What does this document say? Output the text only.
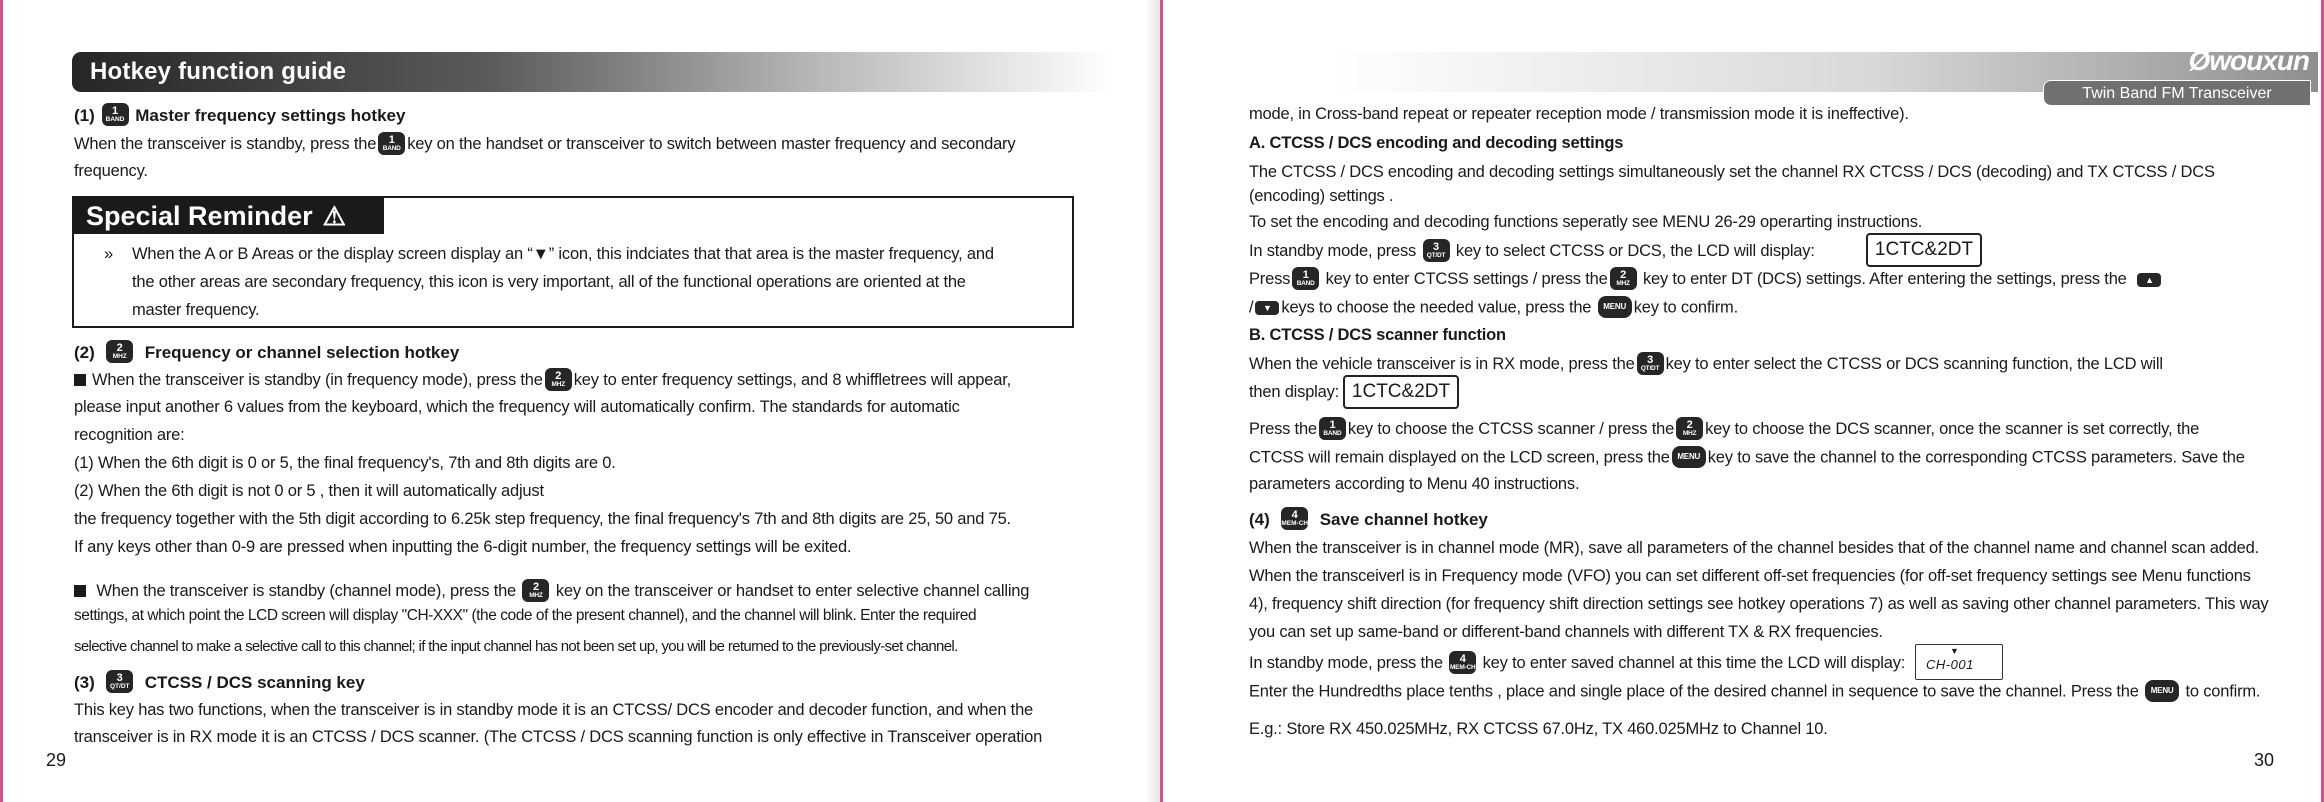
Hotkey function guide
(1)
1
BAND
Master frequency settings hotkey
When the transceiver is standby, press the 1
BAND key on the handset or transceiver to switch between master frequency and secondary
frequency.
Special Reminder ⚠
» When the A or B Areas or the display screen display an “▼” icon, this indciates that that area is the master frequency, and
the other areas are secondary frequency, this icon is very important, all of the functional operations are oriented at the
master frequency.
(2)
2
MHZ
Frequency or channel selection hotkey
When the transceiver is standby (in frequency mode), press the 2
MHZ key to enter frequency settings, and 8 whiffletrees will appear,
please input another 6 values from the keyboard, which the frequency will automatically confirm. The standards for automatic
recognition are:
(1) When the 6th digit is 0 or 5, the final frequency's, 7th and 8th digits are 0.
(2) When the 6th digit is not 0 or 5 , then it will automatically adjust
the frequency together with the 5th digit according to 6.25k step frequency, the final frequency's 7th and 8th digits are 25, 50 and 75.
If any keys other than 0-9 are pressed when inputting the 6-digit number, the frequency settings will be exited.
When the transceiver is standby (channel mode), press the 2
MHZ key on the transceiver or handset to enter selective channel calling
settings, at which point the LCD screen will display "CH-XXX" (the code of the present channel), and the channel will blink. Enter the required
selective channel to make a selective call to this channel; if the input channel has not been set up, you will be returned to the previously-set channel.
(3)
3
QT/DT
CTCSS / DCS scanning key
This key has two functions, when the transceiver is in standby mode it is an CTCSS/ DCS encoder and decoder function, and when the
transceiver is in RX mode it is an CTCSS / DCS scanner. (The CTCSS / DCS scanning function is only effective in Transceiver operation
29
Øwouxun
Twin Band FM Transceiver
mode, in Cross-band repeat or repeater reception mode / transmission mode it is ineffective).
A. CTCSS / DCS encoding and decoding settings
The CTCSS / DCS encoding and decoding settings simultaneously set the channel RX CTCSS / DCS (decoding) and TX CTCSS / DCS
(encoding) settings .
To set the encoding and decoding functions seperatly see MENU 26-29 operarting instructions.
In standby mode, press 3
QT/DT key to select CTCSS or DCS, the LCD will display:	1CTC&2DT
Press 1
BAND key to enter CTCSS settings / press the 2
MHZ key to enter DT (DCS) settings. After entering the settings, press the ▲
/ ▼ keys to choose the needed value, press the MENU key to confirm.
B. CTCSS / DCS scanner function
When the vehicle transceiver is in RX mode, press the 3
QT/DT key to enter select the CTCSS or DCS scanning function, the LCD will
then display: 1CTC&2DT
Press the 1
BAND key to choose the CTCSS scanner / press the 2
MHZ key to choose the DCS scanner, once the scanner is set correctly, the
CTCSS will remain displayed on the LCD screen, press the MENU key to save the channel to the corresponding CTCSS parameters. Save the
parameters according to Menu 40 instructions.
(4)
4
MEM-CH
Save channel hotkey
When the transceiver is in channel mode (MR), save all parameters of the channel besides that of the channel name and channel scan added.
When the transceiverl is in Frequency mode (VFO) you can set different off-set frequencies (for off-set frequency settings see Menu functions
4), frequency shift direction (for frequency shift direction settings see hotkey operations 7) as well as saving other channel parameters. This way
you can set up same-band or different-band channels with different TX & RX frequencies.
In standby mode, press the 4
MEM-CH key to enter saved channel at this time the LCD will display:
▼
CH-001
Enter the Hundredths place tenths , place and single place of the desired channel in sequence to save the channel. Press the MENU to confirm.
E.g.: Store RX 450.025MHz, RX CTCSS 67.0Hz, TX 460.025MHz to Channel 10.
30
